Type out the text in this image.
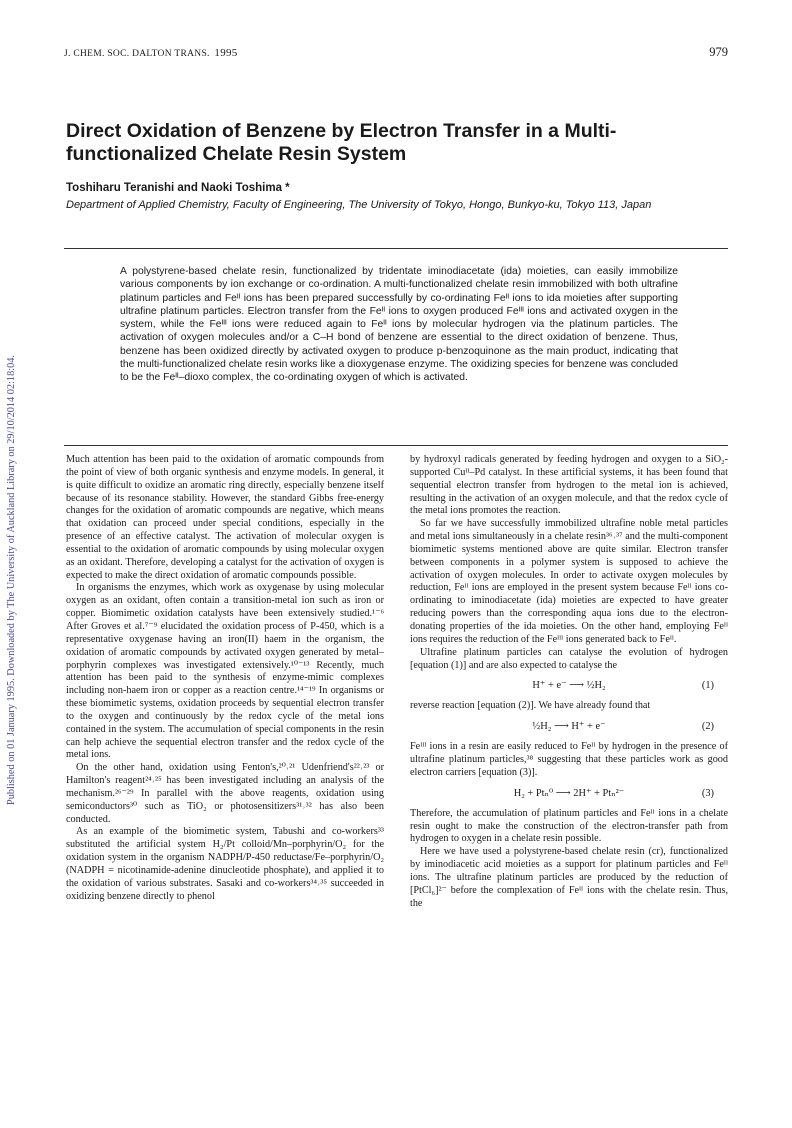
J. CHEM. SOC. DALTON TRANS. 1995	979
Published on 01 January 1995. Downloaded by The University of Auckland Library on 29/10/2014 02:18:04.
Direct Oxidation of Benzene by Electron Transfer in a Multi-functionalized Chelate Resin System
Toshiharu Teranishi and Naoki Toshima *
Department of Applied Chemistry, Faculty of Engineering, The University of Tokyo, Hongo, Bunkyo-ku, Tokyo 113, Japan

A polystyrene-based chelate resin, functionalized by tridentate iminodiacetate (ida) moieties, can easily immobilize various components by ion exchange or co-ordination. A multi-functionalized chelate resin immobilized with both ultrafine platinum particles and Feᴵᴵ ions has been prepared successfully by co-ordinating Feᴵᴵ ions to ida moieties after supporting ultrafine platinum particles. Electron transfer from the Feᴵᴵ ions to oxygen produced Feᴵᴵᴵ ions and activated oxygen in the system, while the Feᴵᴵᴵ ions were reduced again to Feᴵᴵ ions by molecular hydrogen via the platinum particles. The activation of oxygen molecules and/or a C–H bond of benzene are essential to the direct oxidation of benzene. Thus, benzene has been oxidized directly by activated oxygen to produce p-benzoquinone as the main product, indicating that the multi-functionalized chelate resin works like a dioxygenase enzyme. The oxidizing species for benzene was concluded to be the Feᴵᴵ–dioxo complex, the co-ordinating oxygen of which is activated.

Much attention has been paid to the oxidation of aromatic compounds from the point of view of both organic synthesis and enzyme models. In general, it is quite difficult to oxidize an aromatic ring directly, especially benzene itself because of its resonance stability. However, the standard Gibbs free-energy changes for the oxidation of aromatic compounds are negative, which means that oxidation can proceed under special conditions, especially in the presence of an effective catalyst. The activation of molecular oxygen is essential to the oxidation of aromatic compounds by using molecular oxygen as an oxidant. Therefore, developing a catalyst for the activation of oxygen is expected to make the direct oxidation of aromatic compounds possible.

In organisms the enzymes, which work as oxygenase by using molecular oxygen as an oxidant, often contain a transition-metal ion such as iron or copper. Biomimetic oxidation catalysts have been extensively studied.¹⁻⁶ After Groves et al.⁷⁻⁹ elucidated the oxidation process of P-450, which is a representative oxygenase having an iron(II) haem in the organism, the oxidation of aromatic compounds by activated oxygen generated by metal–porphyrin complexes was investigated extensively.¹⁰⁻¹³ Recently, much attention has been paid to the synthesis of enzyme-mimic complexes including non-haem iron or copper as a reaction centre.¹⁴⁻¹⁹ In organisms or these biomimetic systems, oxidation proceeds by sequential electron transfer to the oxygen and continuously by the redox cycle of the metal ions contained in the system. The accumulation of special components in the resin can help achieve the sequential electron transfer and the redox cycle of the metal ions.

On the other hand, oxidation using Fenton's,²⁰˒²¹ Udenfriend's²²˒²³ or Hamilton's reagent²⁴˒²⁵ has been investigated including an analysis of the mechanism.²⁶⁻²⁹ In parallel with the above reagents, oxidation using semiconductors³⁰ such as TiO₂ or photosensitizers³¹˒³² has also been conducted.

As an example of the biomimetic system, Tabushi and co-workers³³ substituted the artificial system H₂/Pt colloid/Mn–porphyrin/O₂ for the oxidation system in the organism NADPH/P-450 reductase/Fe–porphyrin/O₂ (NADPH = nicotinamide-adenine dinucleotide phosphate), and applied it to the oxidation of various substrates. Sasaki and co-workers³⁴˒³⁵ succeeded in oxidizing benzene directly to phenol

by hydroxyl radicals generated by feeding hydrogen and oxygen to a SiO₂-supported Cuᴵᴵ–Pd catalyst. In these artificial systems, it has been found that sequential electron transfer from hydrogen to the metal ion is achieved, resulting in the activation of an oxygen molecule, and that the redox cycle of the metal ions promotes the reaction.

So far we have successfully immobilized ultrafine noble metal particles and metal ions simultaneously in a chelate resin³⁶˒³⁷ and the multi-component biomimetic systems mentioned above are quite similar. Electron transfer between components in a polymer system is supposed to achieve the activation of oxygen molecules. In order to activate oxygen molecules by reduction, Feᴵᴵ ions are employed in the present system because Feᴵᴵ ions co-ordinating to iminodiacetate (ida) moieties are expected to have greater reducing powers than the corresponding aqua ions due to the electron-donating properties of the ida moieties. On the other hand, employing Feᴵᴵ ions requires the reduction of the Feᴵᴵᴵ ions generated back to Feᴵᴵ.

Ultrafine platinum particles can catalyse the evolution of hydrogen [equation (1)] and are also expected to catalyse the

H⁺ + e⁻ ⟶ ½H₂	(1)

reverse reaction [equation (2)]. We have already found that

½H₂ ⟶ H⁺ + e⁻	(2)

Feᴵᴵᴵ ions in a resin are easily reduced to Feᴵᴵ by hydrogen in the presence of ultrafine platinum particles,³⁸ suggesting that these particles work as good electron carriers [equation (3)].

H₂ + Ptₙ⁰ ⟶ 2H⁺ + Ptₙ²⁻	(3)

Therefore, the accumulation of platinum particles and Feᴵᴵ ions in a chelate resin ought to make the construction of the electron-transfer path from hydrogen to oxygen in a chelate resin possible.

Here we have used a polystyrene-based chelate resin (cr), functionalized by iminodiacetic acid moieties as a support for platinum particles and Feᴵᴵ ions. The ultrafine platinum particles are produced by the reduction of [PtCl₆]²⁻ before the complexation of Feᴵᴵ ions with the chelate resin. Thus, the
